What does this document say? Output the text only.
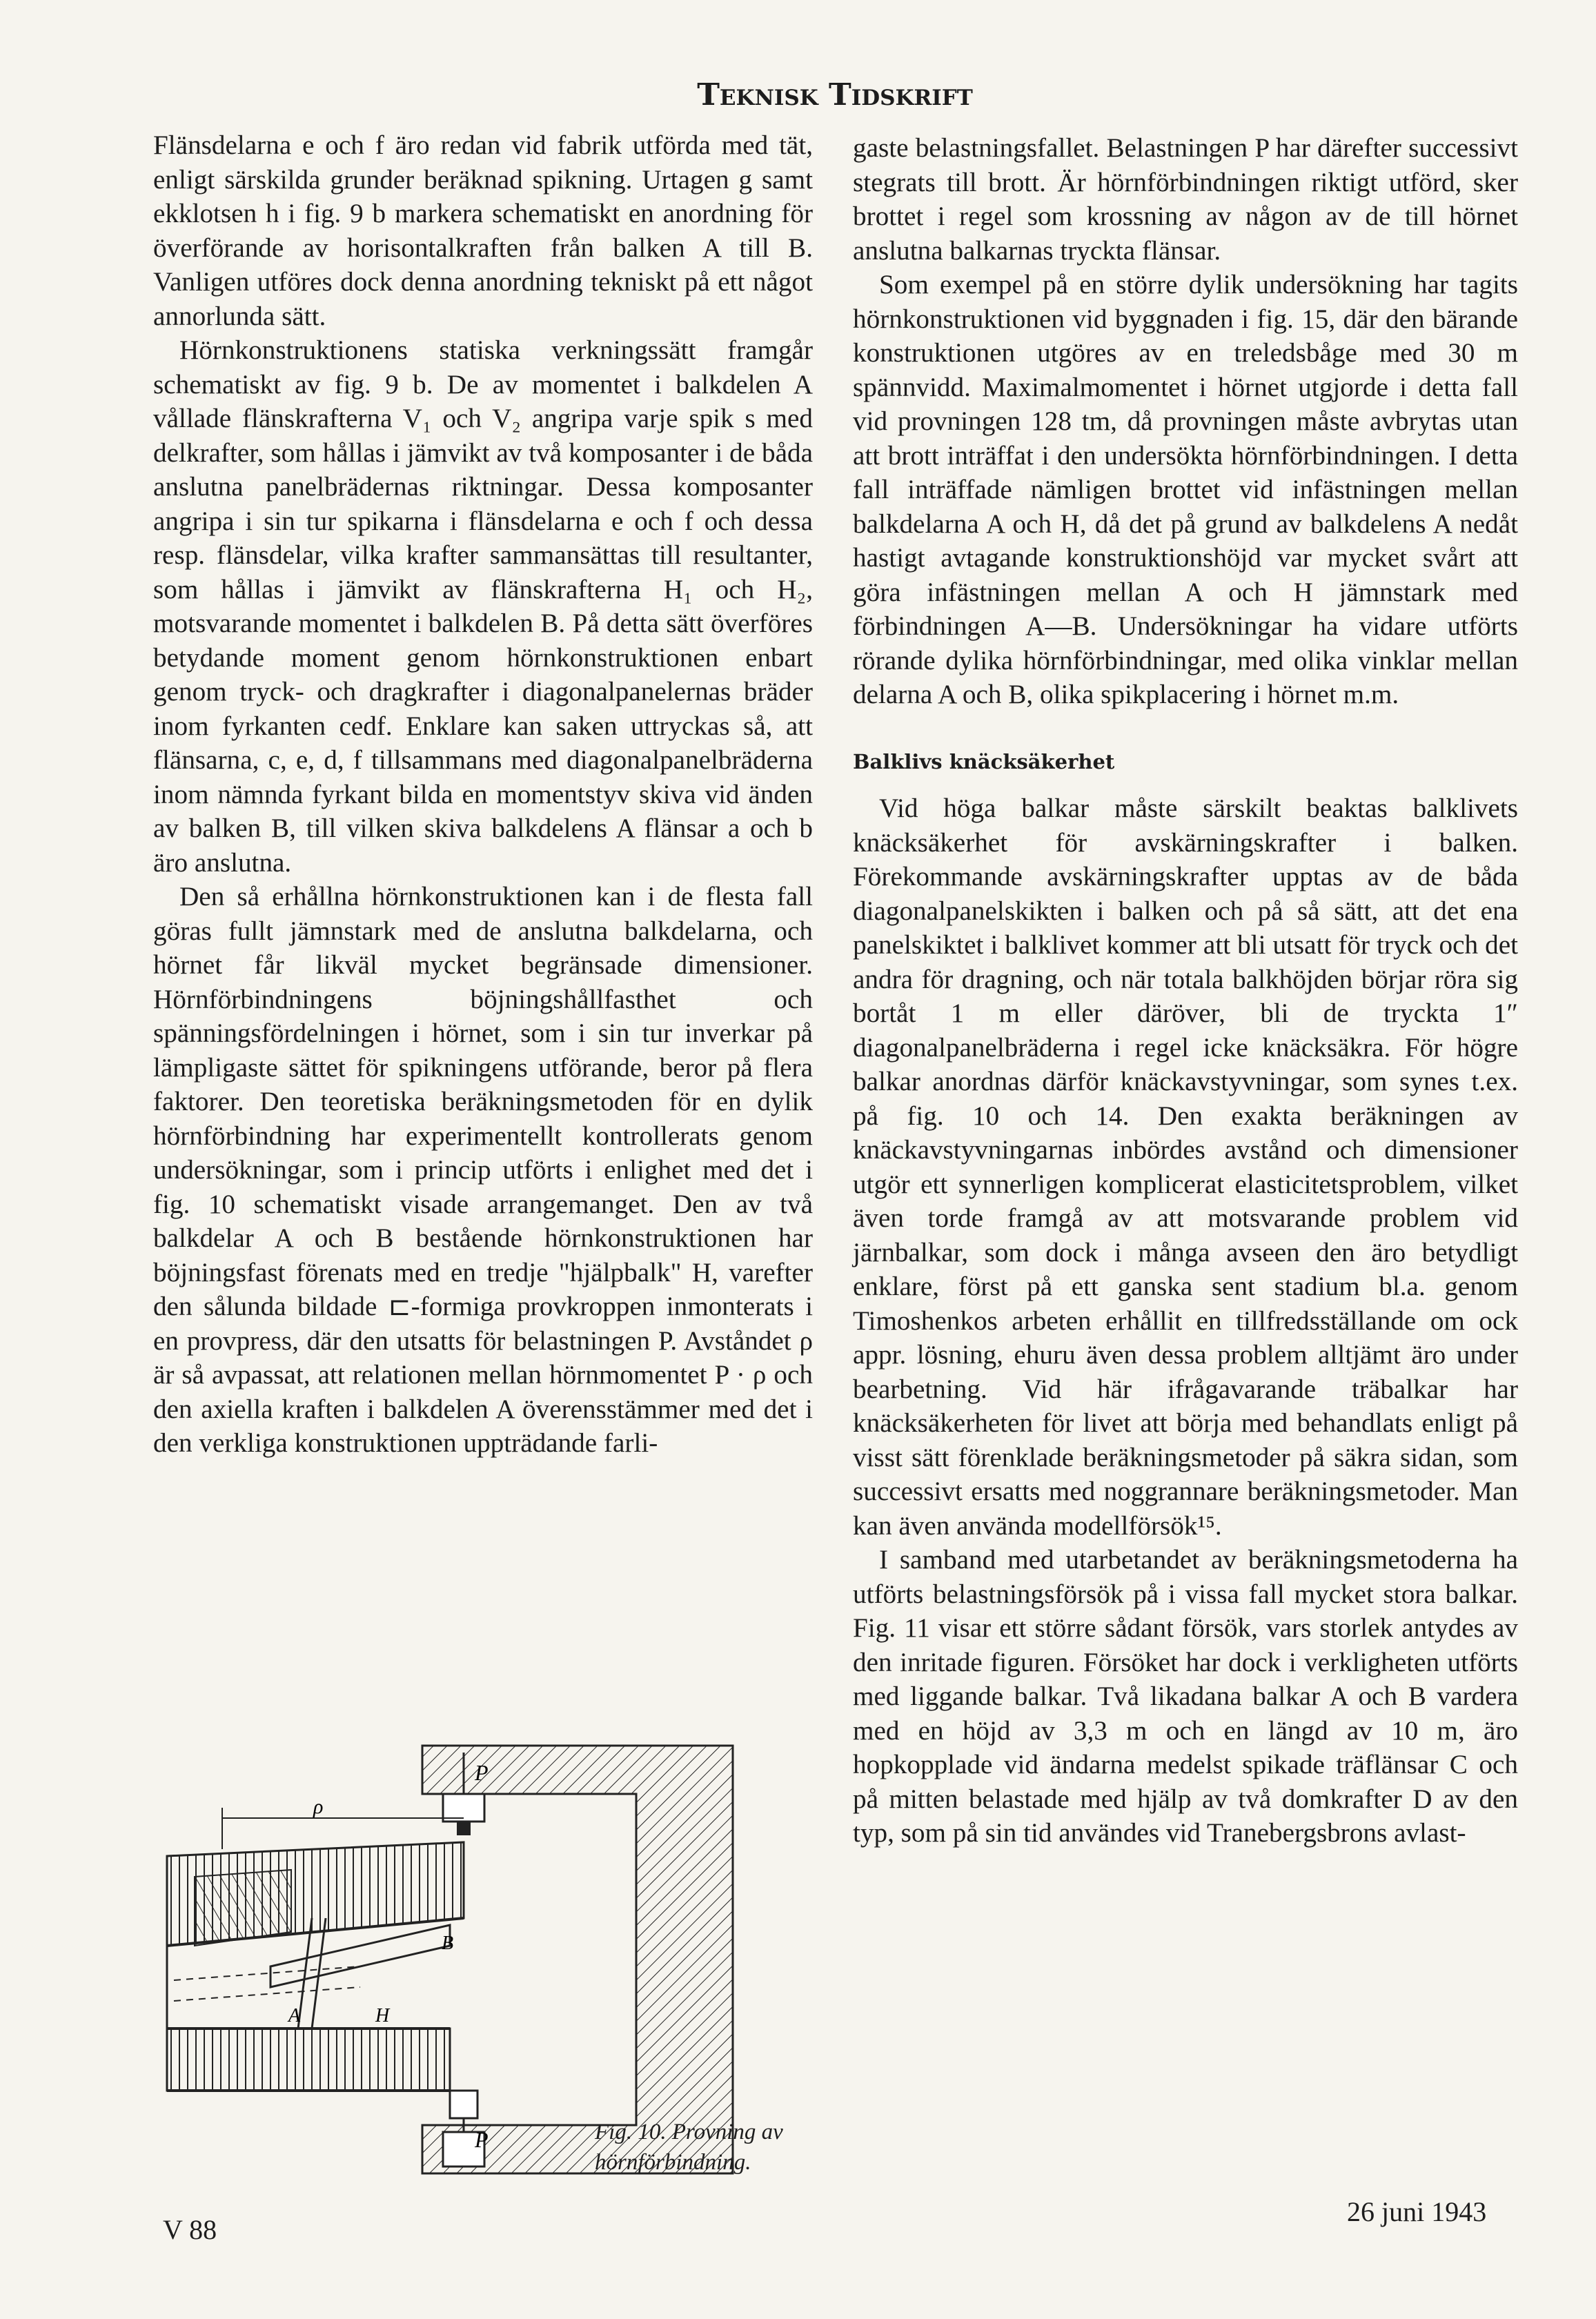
Teknisk Tidskrift

Flänsdelarna e och f äro redan vid fabrik utförda med tät, enligt särskilda grunder beräknad spikning. Urtagen g samt ekklotsen h i fig. 9 b markera schematiskt en anordning för överförande av horisontalkraften från balken A till B. Vanligen utföres dock denna anordning tekniskt på ett något annorlunda sätt.

Hörnkonstruktionens statiska verkningssätt framgår schematiskt av fig. 9 b. De av momentet i balkdelen A vållade flänskrafterna V₁ och V₂ angripa varje spik s med delkrafter, som hållas i jämvikt av två komposanter i de båda anslutna panelbrädernas riktningar. Dessa komposanter angripa i sin tur spikarna i flänsdelarna e och f och dessa resp. flänsdelar, vilka krafter sammansättas till resultanter, som hållas i jämvikt av flänskrafterna H₁ och H₂, motsvarande momentet i balkdelen B. På detta sätt överföres betydande moment genom hörnkonstruktionen enbart genom tryck- och dragkrafter i diagonalpanelernas bräder inom fyrkanten cedf. Enklare kan saken uttryckas så, att flänsarna, c, e, d, f tillsammans med diagonalpanelbräderna inom nämnda fyrkant bilda en momentstyv skiva vid änden av balken B, till vilken skiva balkdelens A flänsar a och b äro anslutna.

Den så erhållna hörnkonstruktionen kan i de flesta fall göras fullt jämnstark med de anslutna balkdelarna, och hörnet får likväl mycket begränsade dimensioner. Hörnförbindningens böjningshållfasthet och spänningsfördelningen i hörnet, som i sin tur inverkar på lämpligaste sättet för spikningens utförande, beror på flera faktorer. Den teoretiska beräkningsmetoden för en dylik hörnförbindning har experimentellt kontrollerats genom undersökningar, som i princip utförts i enlighet med det i fig. 10 schematiskt visade arrangemanget. Den av två balkdelar A och B bestående hörnkonstruktionen har böjningsfast förenats med en tredje "hjälpbalk" H, varefter den sålunda bildade ⊏-formiga provkroppen inmonterats i en provpress, där den utsatts för belastningen P. Avståndet ρ är så avpassat, att relationen mellan hörnmomentet P · ρ och den axiella kraften i balkdelen A överensstämmer med det i den verkliga konstruktionen uppträdande farli-

gaste belastningsfallet. Belastningen P har därefter successivt stegrats till brott. Är hörnförbindningen riktigt utförd, sker brottet i regel som krossning av någon av de till hörnet anslutna balkarnas tryckta flänsar.

Som exempel på en större dylik undersökning har tagits hörnkonstruktionen vid byggnaden i fig. 15, där den bärande konstruktionen utgöres av en treledsbåge med 30 m spännvidd. Maximalmomentet i hörnet utgjorde i detta fall vid provningen 128 tm, då provningen måste avbrytas utan att brott inträffat i den undersökta hörnförbindningen. I detta fall inträffade nämligen brottet vid infästningen mellan balkdelarna A och H, då det på grund av balkdelens A nedåt hastigt avtagande konstruktionshöjd var mycket svårt att göra infästningen mellan A och H jämnstark med förbindningen A—B. Undersökningar ha vidare utförts rörande dylika hörnförbindningar, med olika vinklar mellan delarna A och B, olika spikplacering i hörnet m.m.

Balklivs knäcksäkerhet

Vid höga balkar måste särskilt beaktas balklivets knäcksäkerhet för avskärningskrafter i balken. Förekommande avskärningskrafter upptas av de båda diagonalpanelskikten i balken och på så sätt, att det ena panelskiktet i balklivet kommer att bli utsatt för tryck och det andra för dragning, och när totala balkhöjden börjar röra sig bortåt 1 m eller däröver, bli de tryckta 1″ diagonalpanelbräderna i regel icke knäcksäkra. För högre balkar anordnas därför knäckavstyvningar, som synes t.ex. på fig. 10 och 14. Den exakta beräkningen av knäckavstyvningarnas inbördes avstånd och dimensioner utgör ett synnerligen komplicerat elasticitetsproblem, vilket även torde framgå av att motsvarande problem vid järnbalkar, som dock i många avseen den äro betydligt enklare, först på ett ganska sent stadium bl.a. genom Timoshenkos arbeten erhållit en tillfredsställande om ock appr. lösning, ehuru även dessa problem alltjämt äro under bearbetning. Vid här ifrågavarande träbalkar har knäcksäkerheten för livet att börja med behandlats enligt på visst sätt förenklade beräkningsmetoder på säkra sidan, som successivt ersatts med noggrannare beräkningsmetoder. Man kan även använda modellförsök¹⁵.

I samband med utarbetandet av beräkningsmetoderna ha utförts belastningsförsök på i vissa fall mycket stora balkar. Fig. 11 visar ett större sådant försök, vars storlek antydes av den inritade figuren. Försöket har dock i verkligheten utförts med liggande balkar. Två likadana balkar A och B vardera med en höjd av 3,3 m och en längd av 10 m, äro hopkopplade vid ändarna medelst spikade träflänsar C och på mitten belastade med hjälp av två domkrafter D av den typ, som på sin tid användes vid Tranebergsbrons avlast-

P
ρ
B
A	H
P	Fig. 10. Provning av hörnförbindning.
V 88
26 juni 1943
